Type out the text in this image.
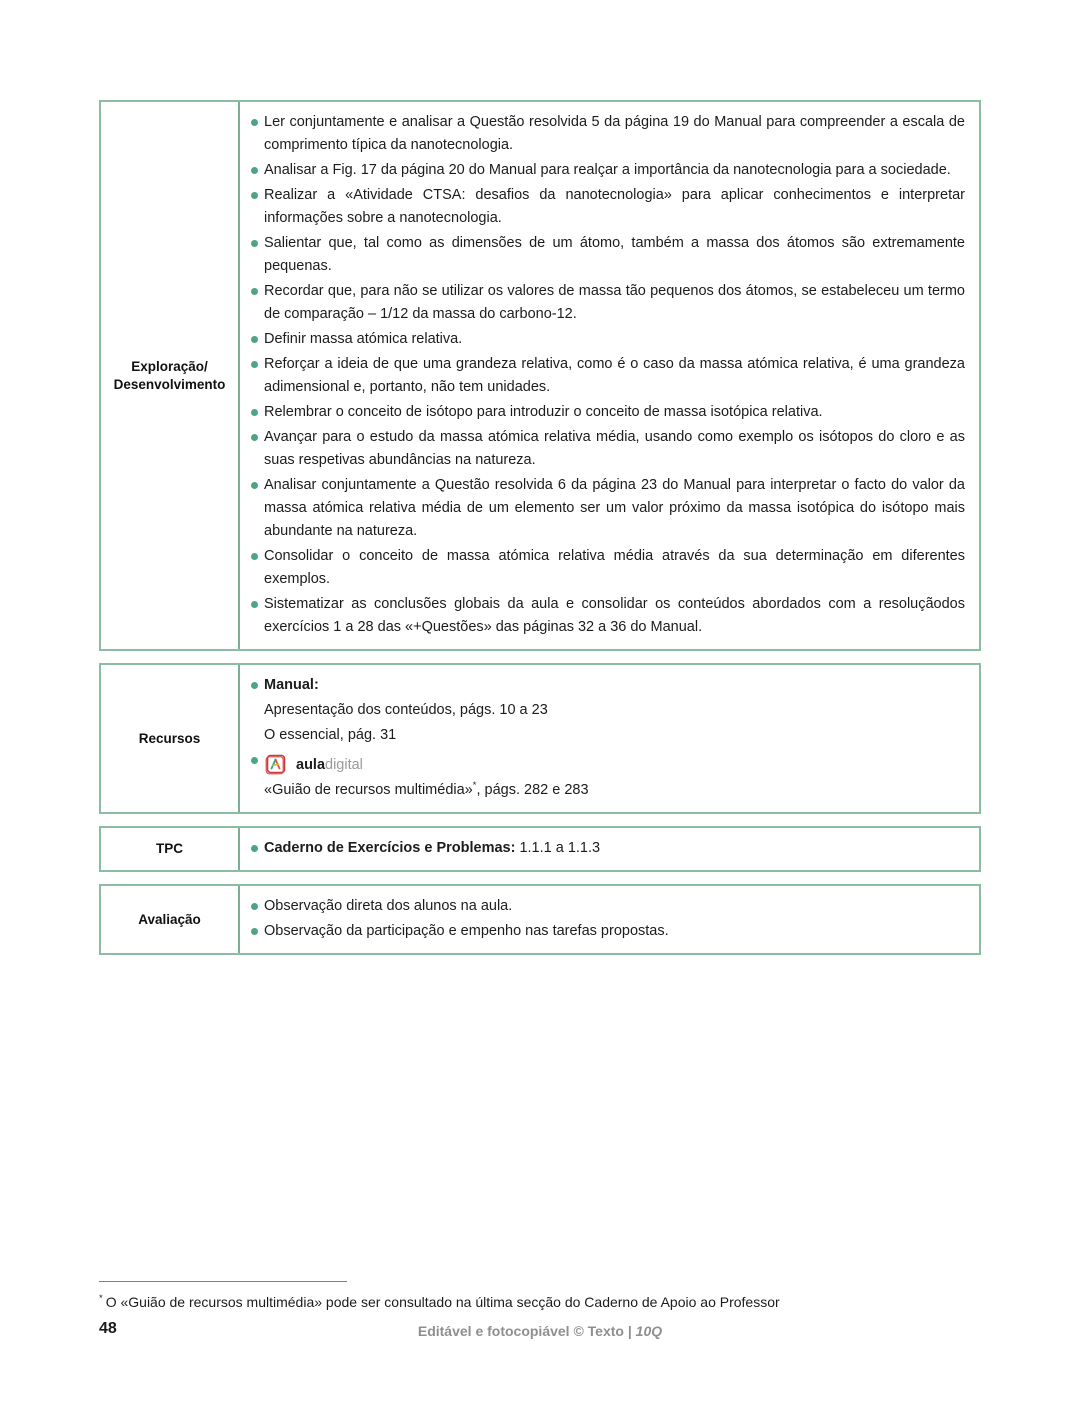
Exploração/
Desenvolvimento

Ler conjuntamente e analisar a Questão resolvida 5 da página 19 do Manual para compreender a escala de comprimento típica da nanotecnologia.

Analisar a Fig. 17 da página 20 do Manual para realçar a importância da nanotecnologia para a sociedade.

Realizar a «Atividade CTSA: desafios da nanotecnologia» para aplicar conhecimentos e interpretar informações sobre a nanotecnologia.

Salientar que, tal como as dimensões de um átomo, também a massa dos átomos são extremamente pequenas.

Recordar que, para não se utilizar os valores de massa tão pequenos dos átomos, se estabeleceu um termo de comparação – 1/12 da massa do carbono-12.

Definir massa atómica relativa.

Reforçar a ideia de que uma grandeza relativa, como é o caso da massa atómica relativa, é uma grandeza adimensional e, portanto, não tem unidades.

Relembrar o conceito de isótopo para introduzir o conceito de massa isotópica relativa.

Avançar para o estudo da massa atómica relativa média, usando como exemplo os isótopos do cloro e as suas respetivas abundâncias na natureza.

Analisar conjuntamente a Questão resolvida 6 da página 23 do Manual para interpretar o facto do valor da massa atómica relativa média de um elemento ser um valor próximo da massa isotópica do isótopo mais abundante na natureza.

Consolidar o conceito de massa atómica relativa média através da sua determinação em diferentes exemplos.

Sistematizar as conclusões globais da aula e consolidar os conteúdos abordados com a resoluçãodos exercícios 1 a 28 das «+Questões» das páginas 32 a 36 do Manual.

Recursos

Manual:

Apresentação dos conteúdos, págs. 10 a 23

O essencial, pág. 31

auladigital

«Guião de recursos multimédia»*, págs. 282 e 283

TPC	Caderno de Exercícios e Problemas: 1.1.1 a 1.1.3

Avaliação

Observação direta dos alunos na aula.

Observação da participação e empenho nas tarefas propostas.

* O «Guião de recursos multimédia» pode ser consultado na última secção do Caderno de Apoio ao Professor
48	Editável e fotocopiável © Texto | 10Q
